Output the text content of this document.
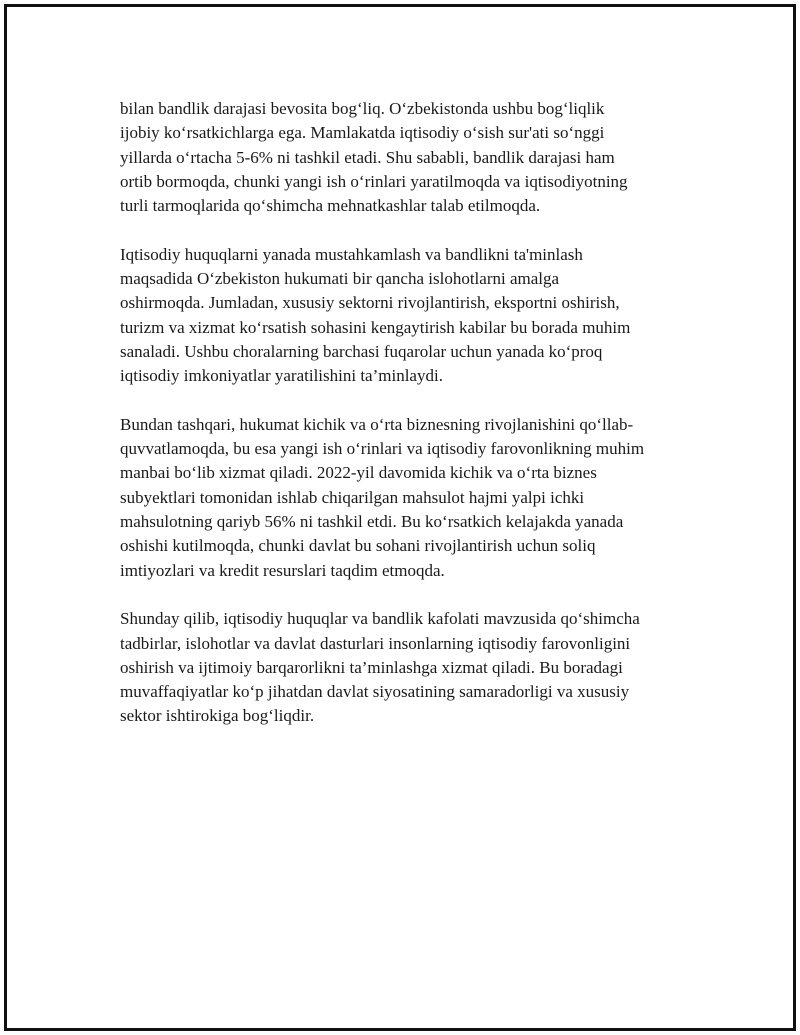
bilan bandlik darajasi bevosita bog‘liq. O‘zbekistonda ushbu bog‘liqlik
ijobiy ko‘rsatkichlarga ega. Mamlakatda iqtisodiy o‘sish sur'ati so‘nggi
yillarda o‘rtacha 5-6% ni tashkil etadi. Shu sababli, bandlik darajasi ham
ortib bormoqda, chunki yangi ish o‘rinlari yaratilmoqda va iqtisodiyotning
turli tarmoqlarida qo‘shimcha mehnatkashlar talab etilmoqda.

Iqtisodiy huquqlarni yanada mustahkamlash va bandlikni ta'minlash
maqsadida O‘zbekiston hukumati bir qancha islohotlarni amalga
oshirmoqda. Jumladan, xususiy sektorni rivojlantirish, eksportni oshirish,
turizm va xizmat ko‘rsatish sohasini kengaytirish kabilar bu borada muhim
sanaladi. Ushbu choralarning barchasi fuqarolar uchun yanada ko‘proq
iqtisodiy imkoniyatlar yaratilishini ta’minlaydi.

Bundan tashqari, hukumat kichik va o‘rta biznesning rivojlanishini qo‘llab-
quvvatlamoqda, bu esa yangi ish o‘rinlari va iqtisodiy farovonlikning muhim
manbai bo‘lib xizmat qiladi. 2022-yil davomida kichik va o‘rta biznes
subyektlari tomonidan ishlab chiqarilgan mahsulot hajmi yalpi ichki
mahsulotning qariyb 56% ni tashkil etdi. Bu ko‘rsatkich kelajakda yanada
oshishi kutilmoqda, chunki davlat bu sohani rivojlantirish uchun soliq
imtiyozlari va kredit resurslari taqdim etmoqda.

Shunday qilib, iqtisodiy huquqlar va bandlik kafolati mavzusida qo‘shimcha
tadbirlar, islohotlar va davlat dasturlari insonlarning iqtisodiy farovonligini
oshirish va ijtimoiy barqarorlikni ta’minlashga xizmat qiladi. Bu boradagi
muvaffaqiyatlar ko‘p jihatdan davlat siyosatining samaradorligi va xususiy
sektor ishtirokiga bog‘liqdir.
